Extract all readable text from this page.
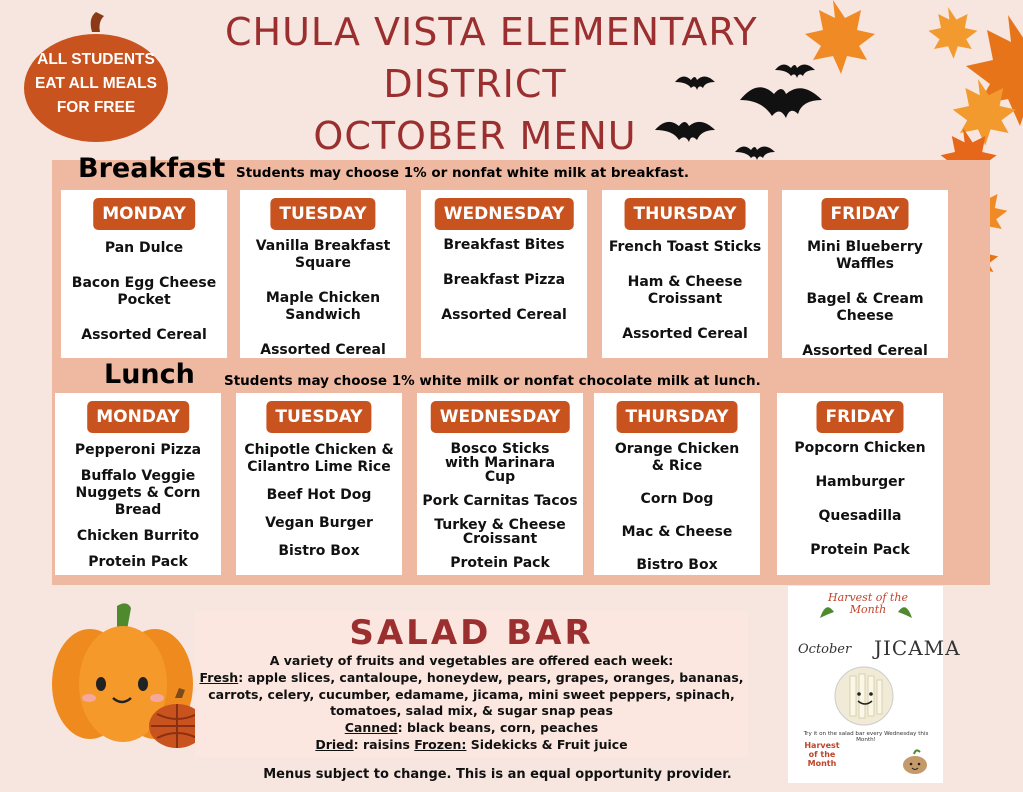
ALL STUDENTS
EAT ALL MEALS
FOR FREE
CHULA VISTA ELEMENTARY
DISTRICT
OCTOBER MENU
Breakfast Students may choose 1% or nonfat white milk at breakfast.
MONDAY
Pan Dulce
Bacon Egg Cheese Pocket
Assorted Cereal
TUESDAY
Vanilla Breakfast Square
Maple Chicken Sandwich
Assorted Cereal
WEDNESDAY
Breakfast Bites
Breakfast Pizza
Assorted Cereal
THURSDAY
French Toast Sticks
Ham & Cheese Croissant
Assorted Cereal
FRIDAY
Mini Blueberry Waffles
Bagel & Cream Cheese
Assorted Cereal
Lunch Students may choose 1% white milk or nonfat chocolate milk at lunch.
MONDAY
Pepperoni Pizza
Buffalo Veggie Nuggets & Corn Bread
Chicken Burrito
Protein Pack
TUESDAY
Chipotle Chicken & Cilantro Lime Rice
Beef Hot Dog
Vegan Burger
Bistro Box
WEDNESDAY
Bosco Sticks with Marinara Cup
Pork Carnitas Tacos
Turkey & Cheese Croissant
Protein Pack
THURSDAY
Orange Chicken & Rice
Corn Dog
Mac & Cheese
Bistro Box
FRIDAY
Popcorn Chicken
Hamburger
Quesadilla
Protein Pack
SALAD BAR

A variety of fruits and vegetables are offered each week:

Fresh: apple slices, cantaloupe, honeydew, pears, grapes, oranges, bananas, carrots, celery, cucumber, edamame, jicama, mini sweet peppers, spinach, tomatoes, salad mix, & sugar snap peas

Canned: black beans, corn, peaches

Dried: raisins Frozen: Sidekicks & Fruit juice

Harvest of the Month
October JICAMA
Try it on the salad bar every Wednesday this Month!
Harvest of the Month
Menus subject to change. This is an equal opportunity provider.
